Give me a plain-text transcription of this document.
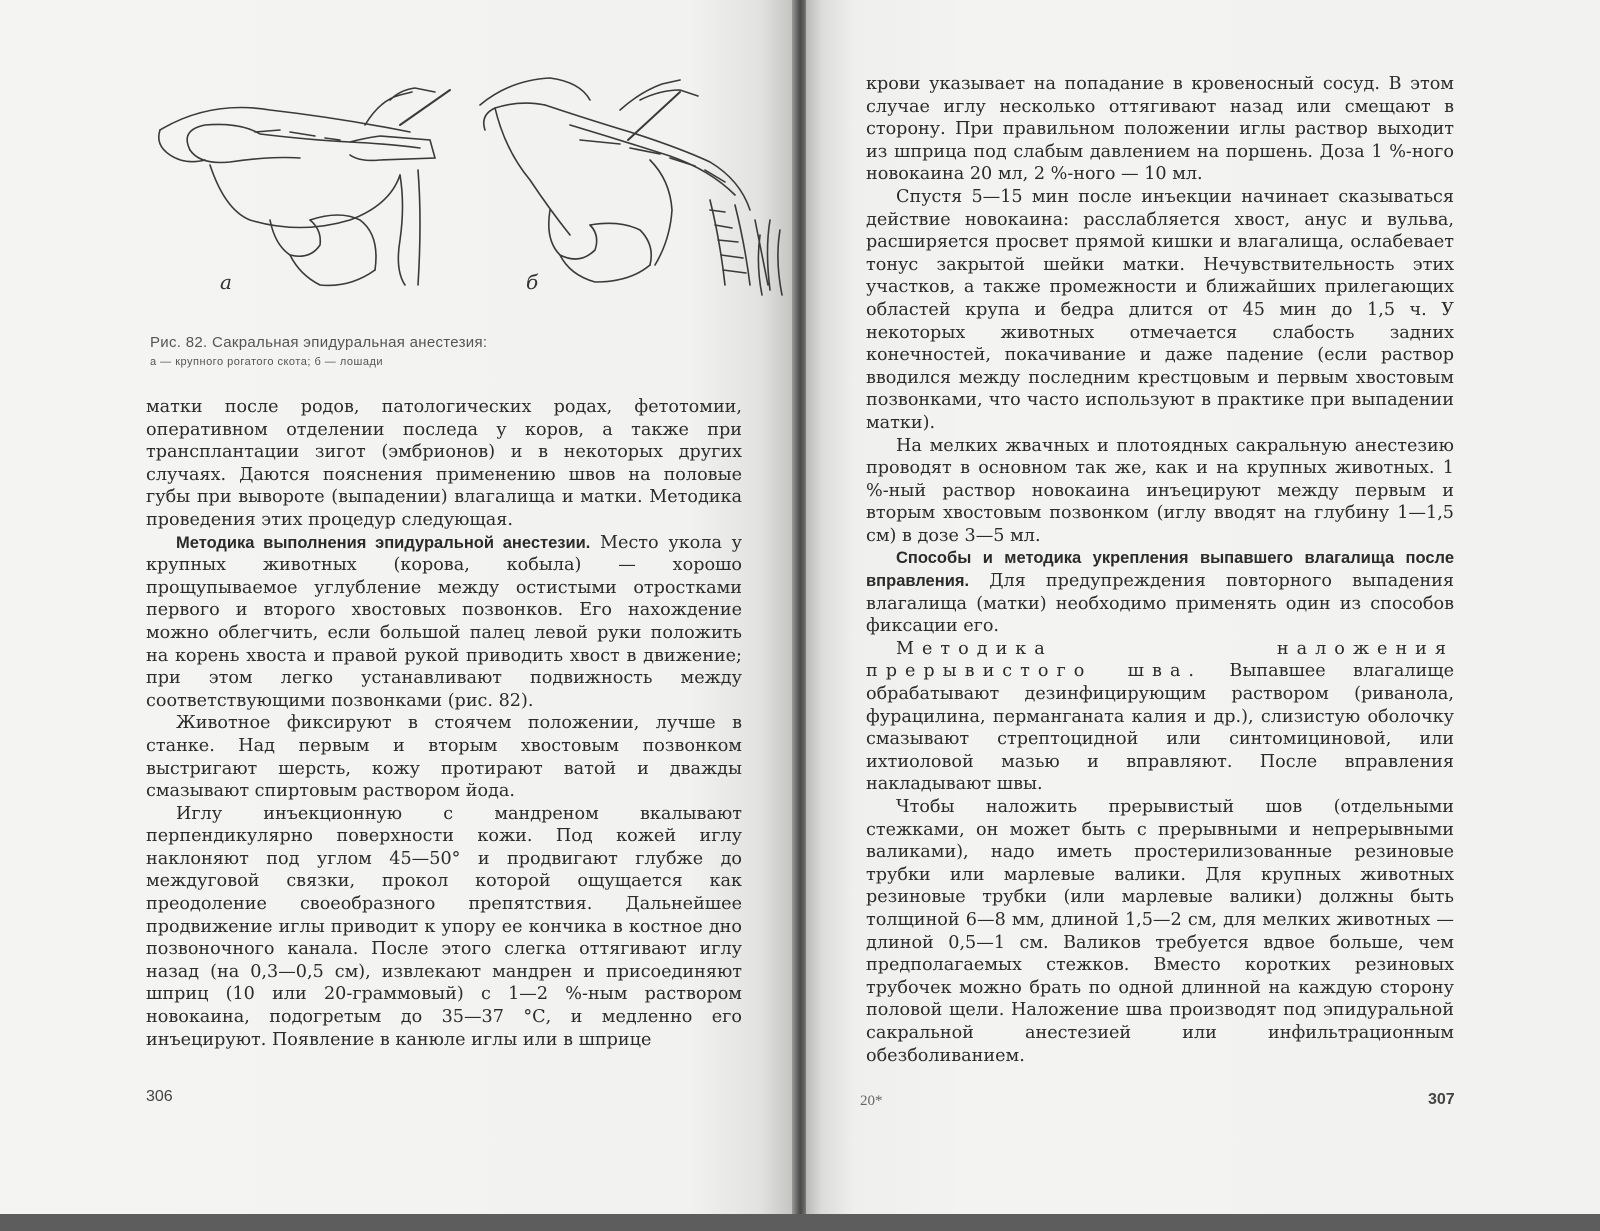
а	б
Рис. 82. Сакральная эпидуральная анестезия:
а — крупного рогатого скота; б — лошади

матки после родов, патологических родах, фетотомии, оперативном отделении последа у коров, а также при трансплантации зигот (эмбрионов) и в некоторых других случаях. Даются пояснения применению швов на половые губы при вывороте (выпадении) влагалища и матки. Методика проведения этих процедур следующая.

Методика выполнения эпидуральной анестезии. Место укола у крупных животных (корова, кобыла) — хорошо прощупываемое углубление между остистыми отростками первого и второго хвостовых позвонков. Его нахождение можно облегчить, если большой палец левой руки положить на корень хвоста и правой рукой приводить хвост в движение; при этом легко устанавливают подвижность между соответствующими позвонками (рис. 82).

Животное фиксируют в стоячем положении, лучше в станке. Над первым и вторым хвостовым позвонком выстригают шерсть, кожу протирают ватой и дважды смазывают спиртовым раствором йода.

Иглу инъекционную с мандреном вкалывают перпендикулярно поверхности кожи. Под кожей иглу наклоняют под углом 45—50° и продвигают глубже до междуговой связки, прокол которой ощущается как преодоление своеобразного препятствия. Дальнейшее продвижение иглы приводит к упору ее кончика в костное дно позвоночного канала. После этого слегка оттягивают иглу назад (на 0,3—0,5 см), извлекают мандрен и присоединяют шприц (10 или 20-граммовый) с 1—2 %-ным раствором новокаина, подогретым до 35—37 °С, и медленно его инъецируют. Появление в канюле иглы или в шприце

306

крови указывает на попадание в кровеносный сосуд. В этом случае иглу несколько оттягивают назад или смещают в сторону. При правильном положении иглы раствор выходит из шприца под слабым давлением на поршень. Доза 1 %-ного новокаина 20 мл, 2 %-ного — 10 мл.

Спустя 5—15 мин после инъекции начинает сказываться действие новокаина: расслабляется хвост, анус и вульва, расширяется просвет прямой кишки и влагалища, ослабевает тонус закрытой шейки матки. Нечувствительность этих участков, а также промежности и ближайших прилегающих областей крупа и бедра длится от 45 мин до 1,5 ч. У некоторых животных отмечается слабость задних конечностей, покачивание и даже падение (если раствор вводился между последним крестцовым и первым хвостовым позвонками, что часто используют в практике при выпадении матки).

На мелких жвачных и плотоядных сакральную анестезию проводят в основном так же, как и на крупных животных. 1 %-ный раствор новокаина инъецируют между первым и вторым хвостовым позвонком (иглу вводят на глубину 1—1,5 см) в дозе 3—5 мл.

Способы и методика укрепления выпавшего влагалища после вправления. Для предупреждения повторного выпадения влагалища (матки) необходимо применять один из способов фиксации его.

Методика наложения прерывистого шва. Выпавшее влагалище обрабатывают дезинфицирующим раствором (риванола, фурацилина, перманганата калия и др.), слизистую оболочку смазывают стрептоцидной или синтомициновой, или ихтиоловой мазью и вправляют. После вправления накладывают швы.

Чтобы наложить прерывистый шов (отдельными стежками, он может быть с прерывными и непрерывными валиками), надо иметь простерилизованные резиновые трубки или марлевые валики. Для крупных животных резиновые трубки (или марлевые валики) должны быть толщиной 6—8 мм, длиной 1,5—2 см, для мелких животных — длиной 0,5—1 см. Валиков требуется вдвое больше, чем предполагаемых стежков. Вместо коротких резиновых трубочек можно брать по одной длинной на каждую сторону половой щели. Наложение шва производят под эпидуральной сакральной анестезией или инфильтрационным обезболиванием.

20*	307
